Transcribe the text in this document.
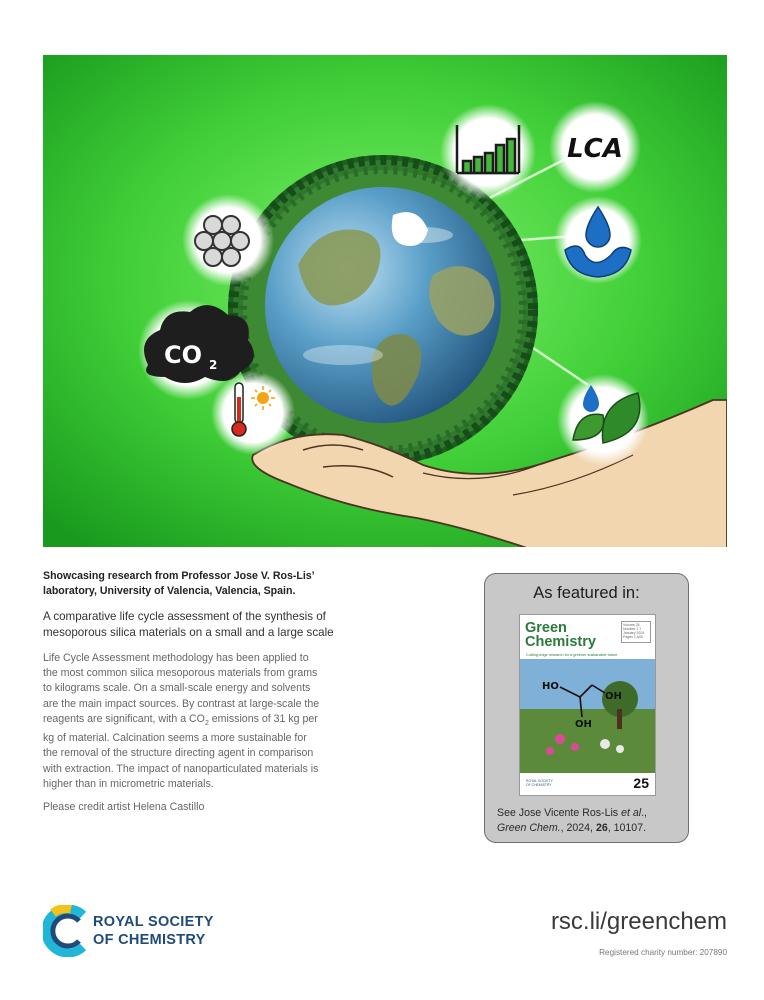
LCA
CO 2

Showcasing research from Professor Jose V. Ros-Lis’
laboratory, University of Valencia, Valencia, Spain.

A comparative life cycle assessment of the synthesis of
mesoporous silica materials on a small and a large scale

Life Cycle Assessment methodology has been applied to
the most common silica mesoporous materials from grams
to kilograms scale. On a small-scale energy and solvents
are the main impact sources. By contrast at large-scale the
reagents are significant, with a $CO_2$ emissions of 31 kg per
kg of material. Calcination seems a more sustainable for
the removal of the structure directing agent in comparison
with extraction. The impact of nanoparticulated materials is
higher than in micrometric materials.

Please credit artist Helena Castillo

As featured in:
Green Chemistry
Volume 26 Number 1 7 January 2024 Pages 1-600
Cutting-edge research for a greener sustainable future
HO
OH
OH
ROYAL SOCIETY OF CHEMISTRY	25
See Jose Vicente Ros-Lis et al.,
Green Chem., 2024, 26, 10107.
ROYAL SOCIETY
OF CHEMISTRY
rsc.li/greenchem
Registered charity number: 207890
